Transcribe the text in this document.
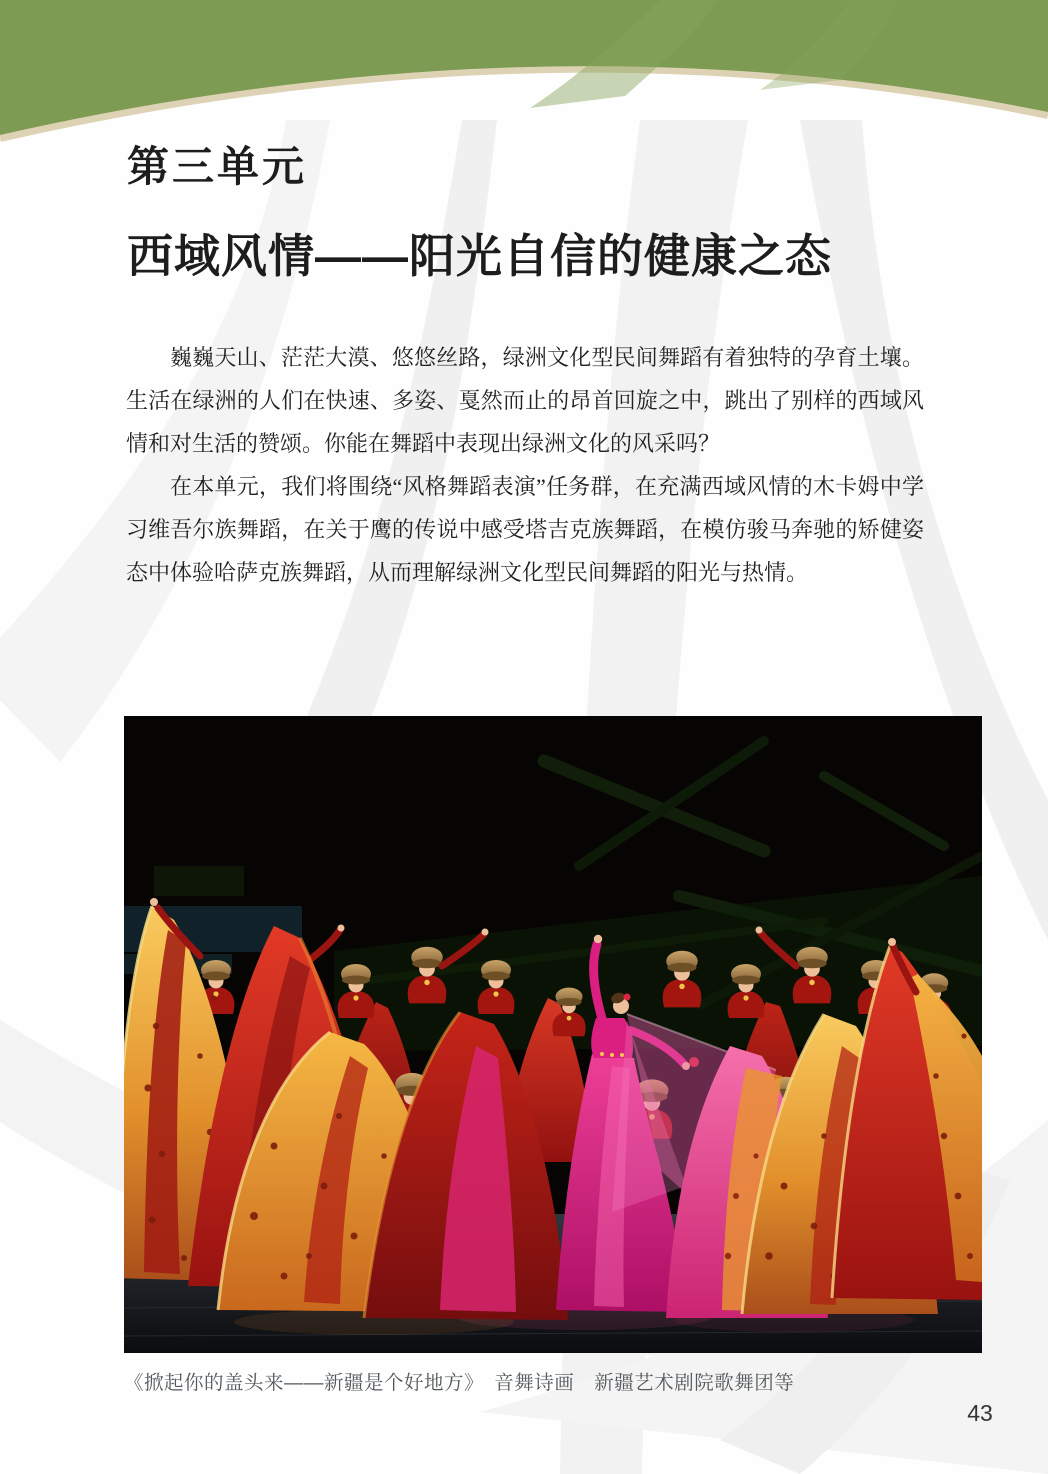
第三单元
西域风情——阳光自信的健康之态

巍巍天山、茫茫大漠、悠悠丝路，绿洲文化型民间舞蹈有着独特的孕育土壤。生活在绿洲的人们在快速、多姿、戛然而止的昂首回旋之中，跳出了别样的西域风情和对生活的赞颂。你能在舞蹈中表现出绿洲文化的风采吗？

在本单元，我们将围绕“风格舞蹈表演”任务群，在充满西域风情的木卡姆中学习维吾尔族舞蹈，在关于鹰的传说中感受塔吉克族舞蹈，在模仿骏马奔驰的矫健姿态中体验哈萨克族舞蹈，从而理解绿洲文化型民间舞蹈的阳光与热情。

《掀起你的盖头来——新疆是个好地方》　音舞诗画　新疆艺术剧院歌舞团等
43
